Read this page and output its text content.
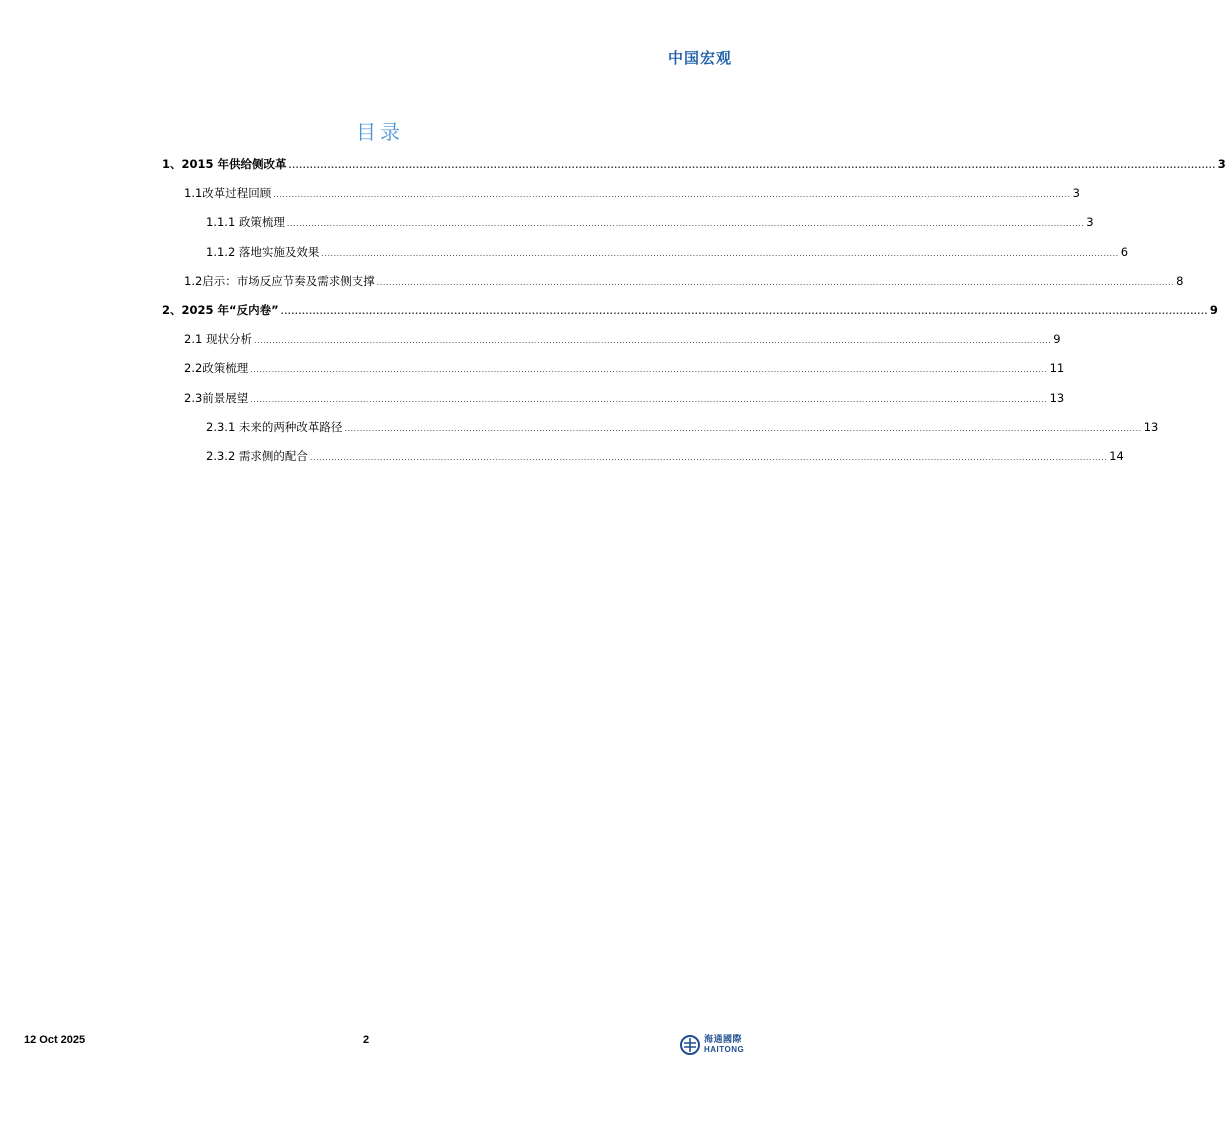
中国宏观
目录
1、 2015 年供给侧改革 ...................................................................................................................................................................................................................................................................... 3
1.1 改革过程回顾 ...................................................................................................................................................................................................................................................................... 3
1.1.1 政策梳理 ...................................................................................................................................................................................................................................................................... 3
1.1.2 落地实施及效果 ...................................................................................................................................................................................................................................................................... 6
1.2 启示：市场反应节奏及需求侧支撑 ...................................................................................................................................................................................................................................................................... 8
2、 2025 年“反内卷” ...................................................................................................................................................................................................................................................................... 9
2.1 现状分析 ...................................................................................................................................................................................................................................................................... 9
2.2 政策梳理 ...................................................................................................................................................................................................................................................................... 11
2.3 前景展望 ...................................................................................................................................................................................................................................................................... 13
2.3.1 未来的两种改革路径 ...................................................................................................................................................................................................................................................................... 13
2.3.2 需求侧的配合 ...................................................................................................................................................................................................................................................................... 14
12 Oct 2025	2	海通國際
HAITONG
